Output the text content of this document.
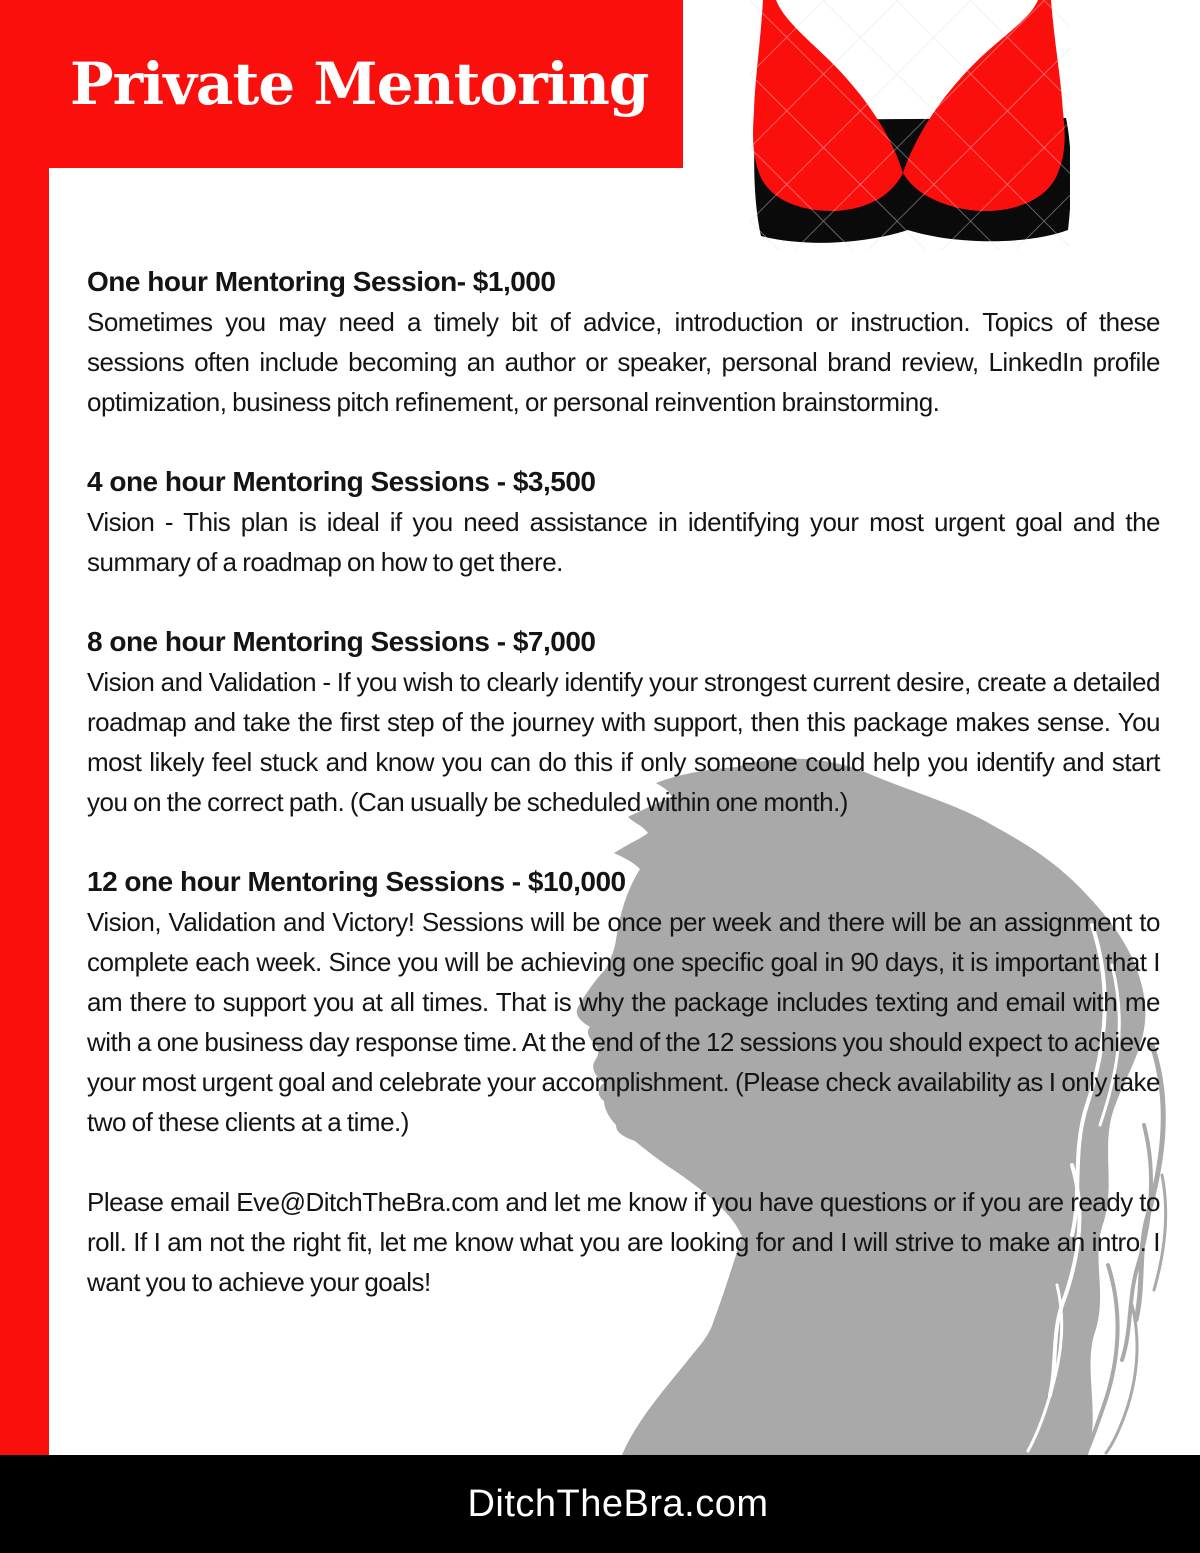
Private Mentoring
One hour Mentoring Session- $1,000

Sometimes you may need a timely bit of advice, introduction or instruction. Topics of these sessions often include becoming an author or speaker, personal brand review, LinkedIn profile optimization, business pitch refinement, or personal reinvention brainstorming.

4 one hour Mentoring Sessions - $3,500

Vision - This plan is ideal if you need assistance in identifying your most urgent goal and the summary of a roadmap on how to get there.

8 one hour Mentoring Sessions - $7,000

Vision and Validation - If you wish to clearly identify your strongest current desire, create a detailed roadmap and take the first step of the journey with support, then this package makes sense. You most likely feel stuck and know you can do this if only someone could help you identify and start you on the correct path. (Can usually be scheduled within one month.)

12 one hour Mentoring Sessions - $10,000

Vision, Validation and Victory! Sessions will be once per week and there will be an assignment to complete each week. Since you will be achieving one specific goal in 90 days, it is important that I am there to support you at all times. That is why the package includes texting and email with me with a one business day response time. At the end of the 12 sessions you should expect to achieve your most urgent goal and celebrate your accomplishment. (Please check availability as I only take two of these clients at a time.)

Please email Eve@DitchTheBra.com and let me know if you have questions or if you are ready to roll. If I am not the right fit, let me know what you are looking for and I will strive to make an intro. I want you to achieve your goals!

DitchTheBra.com
